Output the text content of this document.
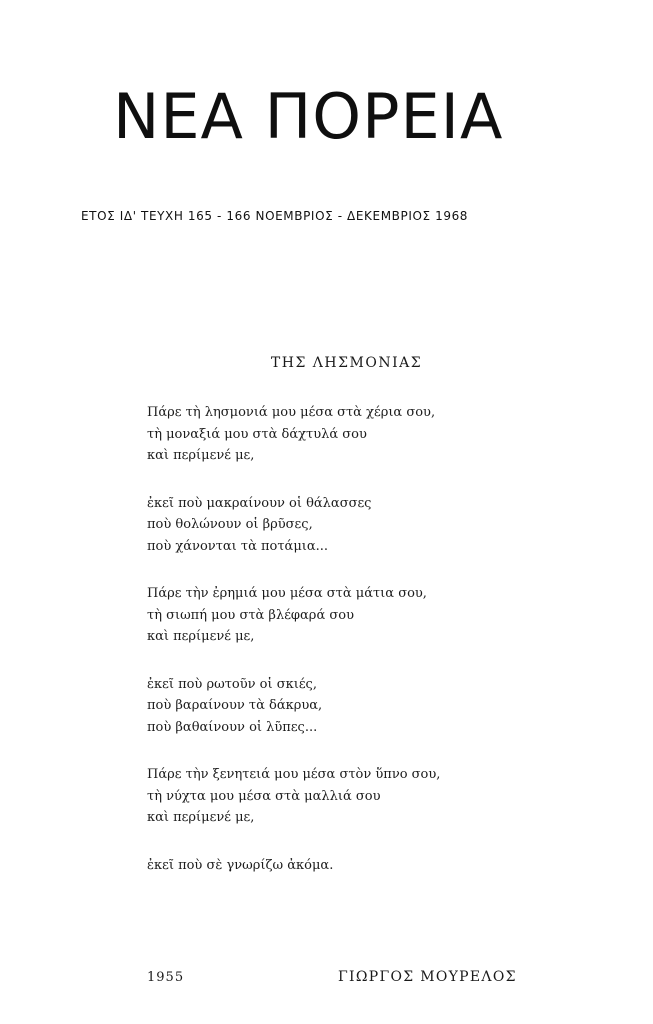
ΝΕΑ ΠΟΡΕΙΑ
ΕΤΟΣ ΙΔ' ΤΕΥΧΗ 165 - 166 ΝΟΕΜΒΡΙΟΣ - ΔΕΚΕΜΒΡΙΟΣ 1968
ΤΗΣ ΛΗΣΜΟΝΙΑΣ
Πάρε τὴ λησμονιά μου μέσα στὰ χέρια σου,
τὴ μοναξιά μου στὰ δάχτυλά σου
καὶ περίμενέ με,
ἐκεῖ ποὺ μακραίνουν οἱ θάλασσες
ποὺ θολώνουν οἱ βρῦσες,
ποὺ χάνονται τὰ ποτάμια...
Πάρε τὴν ἐρημιά μου μέσα στὰ μάτια σου,
τὴ σιωπή μου στὰ βλέφαρά σου
καὶ περίμενέ με,
ἐκεῖ ποὺ ρωτοῦν οἱ σκιές,
ποὺ βαραίνουν τὰ δάκρυα,
ποὺ βαθαίνουν οἱ λῦπες...
Πάρε τὴν ξενητειά μου μέσα στὸν ὕπνο σου,
τὴ νύχτα μου μέσα στὰ μαλλιά σου
καὶ περίμενέ με,
ἐκεῖ ποὺ σὲ γνωρίζω ἀκόμα.
1955	ΓΙΩΡΓΟΣ ΜΟΥΡΕΛΟΣ
